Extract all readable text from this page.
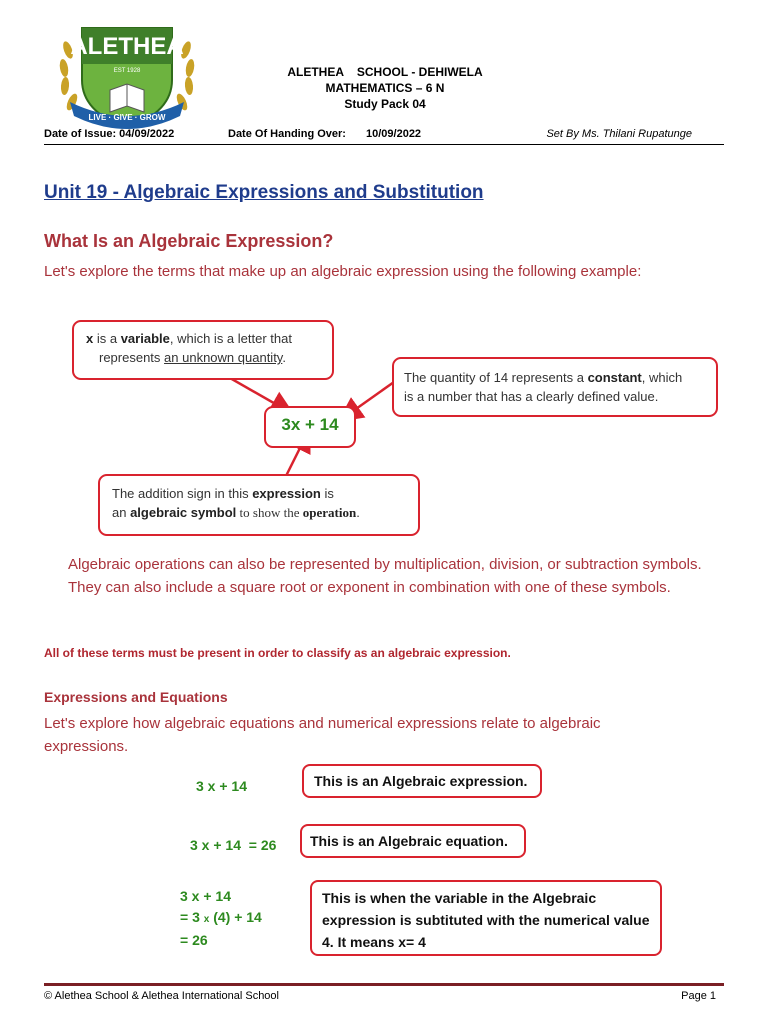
ALETHEA
EST 1928
LIVE · GIVE · GROW
ALETHEA    SCHOOL - DEHIWELA
MATHEMATICS – 6 N
Study Pack 04
Date of Issue: 04/09/2022	Date Of Handing Over: 10/09/2022	Set By Ms. Thilani Rupatunge
Unit 19 - Algebraic Expressions and Substitution
What Is an Algebraic Expression?
Let's explore the terms that make up an algebraic expression using the following example:
x is a variable, which is a letter that
represents an unknown quantity.
The quantity of 14 represents a constant, which
is a number that has a clearly defined value.
3x + 14
The addition sign in this expression is
an algebraic symbol to show the operation.
Algebraic operations can also be represented by multiplication, division, or subtraction symbols. They can also include a square root or exponent in combination with one of these symbols.
All of these terms must be present in order to classify as an algebraic expression.
Expressions and Equations
Let's explore how algebraic equations and numerical expressions relate to algebraic expressions.
3 x + 14	This is an Algebraic expression.
3 x + 14  = 26	This is an Algebraic equation.
3 x + 14
= 3 x (4) + 14
= 26
This is when the variable in the Algebraic expression is subtituted with the numerical value 4. It means x= 4
© Alethea School & Alethea International School	Page 1
